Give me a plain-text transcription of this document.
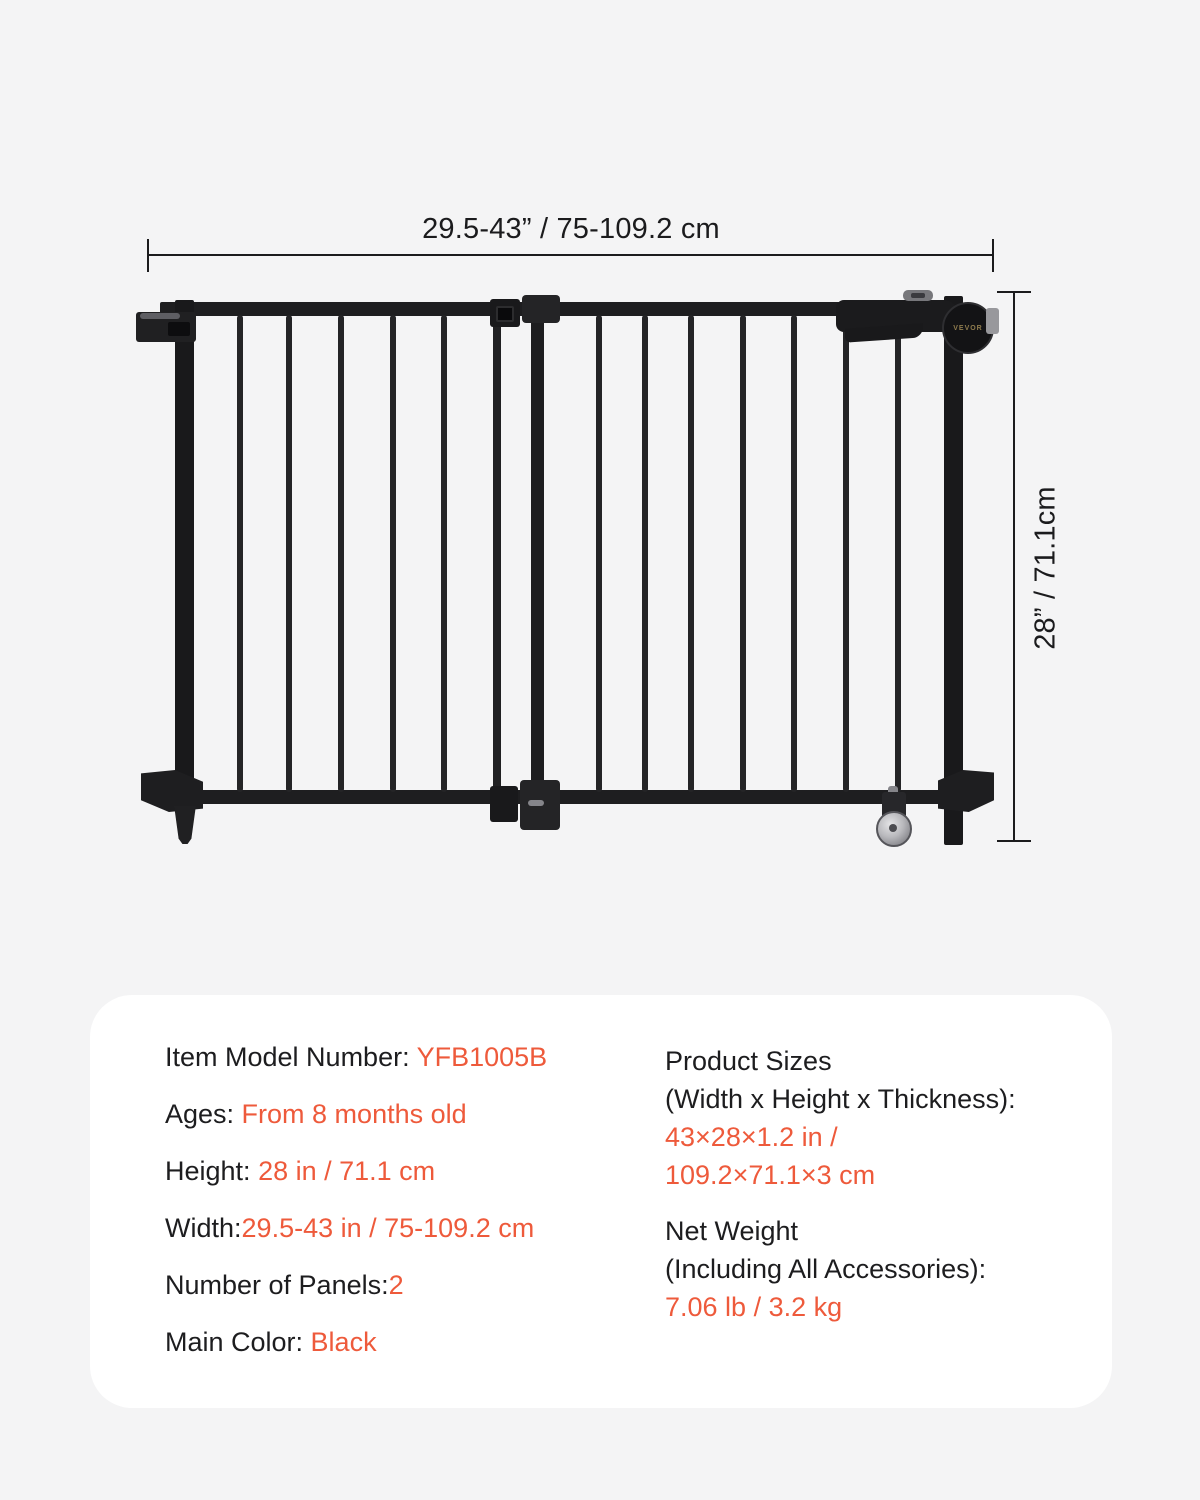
29.5-43” / 75-109.2 cm
28” / 71.1cm
VEVOR
Item Model Number: YFB1005B
Ages: From 8 months old
Height: 28 in / 71.1 cm
Width:29.5-43 in / 75-109.2 cm
Number of Panels:2
Main Color: Black
Product Sizes
(Width x Height x Thickness):
43×28×1.2 in /
109.2×71.1×3 cm
Net Weight
(Including All Accessories):
7.06 lb / 3.2 kg
